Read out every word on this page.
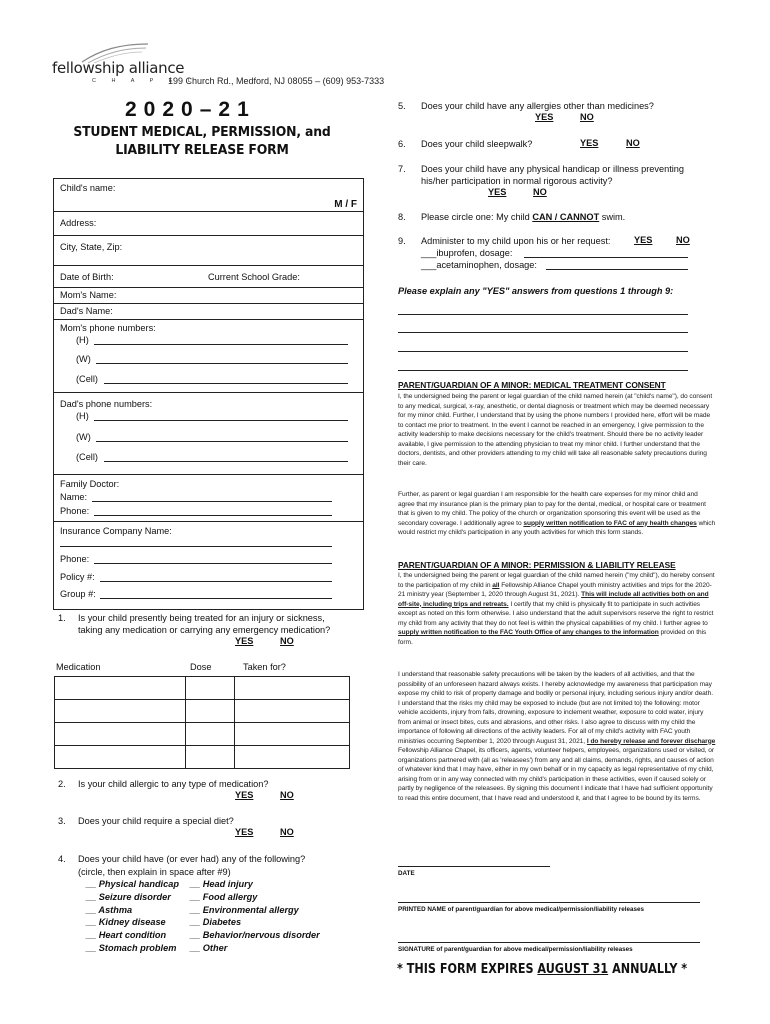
fellowship alliance
C H A P E L
199 Church Rd., Medford, NJ 08055 – (609) 953-7333
2020–21
STUDENT MEDICAL, PERMISSION, and
LIABILITY RELEASE FORM
Child's name:
M / F
Address:
City, State, Zip:
Date of Birth:	Current School Grade:
Mom's Name:
Dad's Name:
Mom's phone numbers:
(H)
(W)
(Cell)
Dad's phone numbers:
(H)
(W)
(Cell)
Family Doctor:
Name:
Phone:
Insurance Company Name:
Phone:
Policy #:
Group #:
1. Is your child presently being treated for an injury or sickness,
taking any medication or carrying any emergency medication?
YES	NO
Medication	Dose	Taken for?
2. Is your child allergic to any type of medication?
YES	NO
3. Does your child require a special diet?
YES	NO
4. Does your child have (or ever had) any of the following?
(circle, then explain in space after #9)
__ Physical handicap
__ Seizure disorder
__ Asthma
__ Kidney disease
__ Heart condition
__ Stomach problem
__ Head injury
__ Food allergy
__ Environmental allergy
__ Diabetes
__ Behavior/nervous disorder
__ Other
5. Does your child have any allergies other than medicines?
YES	NO
6. Does your child sleepwalk?	YES	NO
7. Does your child have any physical handicap or illness preventing
his/her participation in normal rigorous activity?
YES	NO
8. Please circle one: My child CAN / CANNOT swim.
9. Administer to my child upon his or her request:	YES	NO
___ibuprofen, dosage:
___acetaminophen, dosage:
Please explain any "YES" answers from questions 1 through 9:
PARENT/GUARDIAN OF A MINOR: MEDICAL TREATMENT CONSENT
I, the undersigned being the parent or legal guardian of the child named herein (at "child's name"), do consent to any medical, surgical, x-ray, anesthetic, or dental diagnosis or treatment which may be deemed necessary for my minor child. Further, I understand that by using the phone numbers I provided here, effort will be made to contact me prior to treatment. In the event I cannot be reached in an emergency, I give permission to the activity leadership to make decisions necessary for the child's treatment. Should there be no activity leader available, I give permission to the attending physician to treat my minor child. I further understand that the doctors, dentists, and other providers attending to my child will take all reasonable safety precautions during their care.
Further, as parent or legal guardian I am responsible for the health care expenses for my minor child and agree that my insurance plan is the primary plan to pay for the dental, medical, or hospital care or treatment that is given to my child. The policy of the church or organization sponsoring this event will be used as the secondary coverage. I additionally agree to supply written notification to FAC of any health changes which would restrict my child's participation in any youth activities for which this form stands.
PARENT/GUARDIAN OF A MINOR: PERMISSION & LIABILITY RELEASE
I, the undersigned being the parent or legal guardian of the child named herein ("my child"), do hereby consent to the participation of my child in all Fellowship Alliance Chapel youth ministry activities and trips for the 2020-21 ministry year (September 1, 2020 through August 31, 2021). This will include all activities both on and off-site, including trips and retreats. I certify that my child is physically fit to participate in such activities except as noted on this form otherwise. I also understand that the adult supervisors reserve the right to restrict my child from any activity that they do not feel is within the physical capabilities of my child. I further agree to supply written notification to the FAC Youth Office of any changes to the information provided on this form.
I understand that reasonable safety precautions will be taken by the leaders of all activities, and that the possibility of an unforeseen hazard always exists. I hereby acknowledge my awareness that participation may expose my child to risk of property damage and bodily or personal injury, including serious injury and/or death. I understand that the risks my child may be exposed to include (but are not limited to) the following: motor vehicle accidents, injury from falls, drowning, exposure to inclement weather, exposure to cold water, injury from animal or insect bites, cuts and abrasions, and other risks. I also agree to discuss with my child the importance of following all directions of the activity leaders. For all of my child's activity with FAC youth ministries occurring September 1, 2020 through August 31, 2021, I do hereby release and forever discharge Fellowship Alliance Chapel, its officers, agents, volunteer helpers, employees, organizations used or visited, or organizations partnered with (all as 'releasees') from any and all claims, demands, rights, and causes of action of whatever kind that I may have, either in my own behalf or in my capacity as legal representative of my child, arising from or in any way connected with my child's participation in these activities, even if caused solely or partly by negligence of the releasees. By signing this document I indicate that I have had sufficient opportunity to read this entire document, that I have read and understood it, and that I agree to be bound by its terms.
DATE
PRINTED NAME of parent/guardian for above medical/permission/liability releases
SIGNATURE of parent/guardian for above medical/permission/liability releases
* THIS FORM EXPIRES AUGUST 31 ANNUALLY *
